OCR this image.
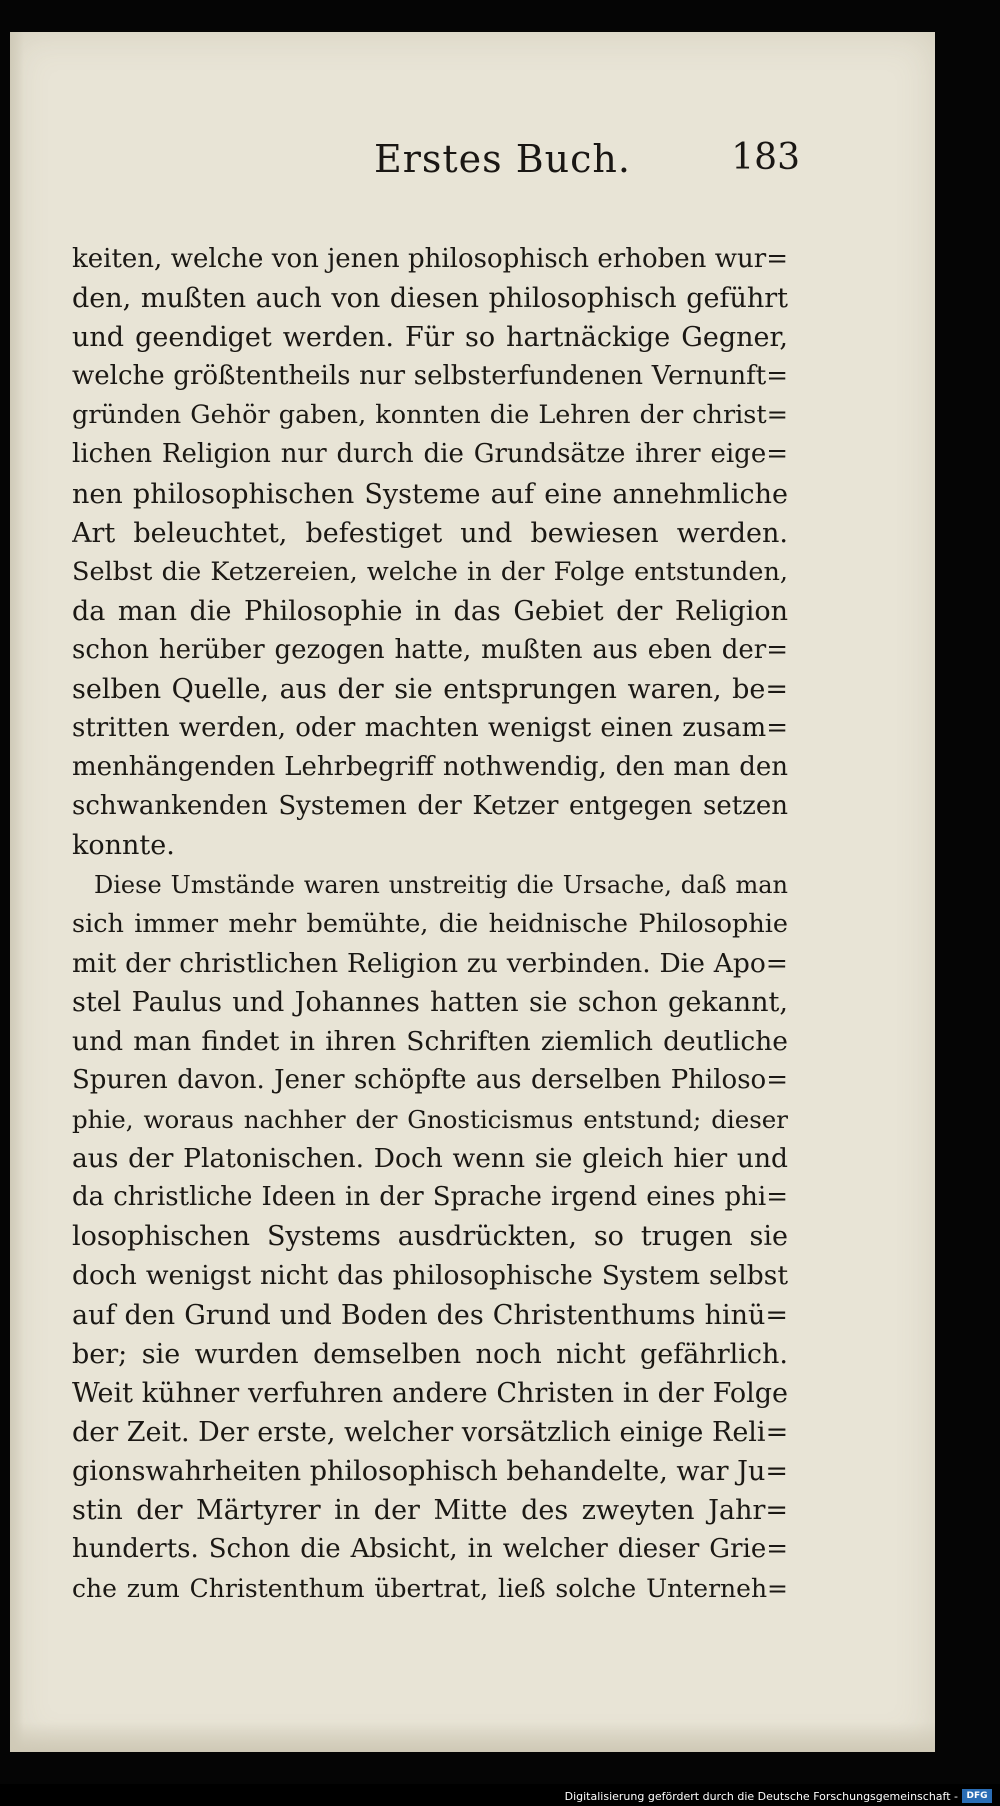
Erstes Buch.	183
keiten, welche von jenen philosophisch erhoben wur=
den, mußten auch von diesen philosophisch geführt
und geendiget werden. Für so hartnäckige Gegner,
welche größtentheils nur selbsterfundenen Vernunft=
gründen Gehör gaben, konnten die Lehren der christ=
lichen Religion nur durch die Grundsätze ihrer eige=
nen philosophischen Systeme auf eine annehmliche
Art beleuchtet, befestiget und bewiesen werden.
Selbst die Ketzereien, welche in der Folge entstunden,
da man die Philosophie in das Gebiet der Religion
schon herüber gezogen hatte, mußten aus eben der=
selben Quelle, aus der sie entsprungen waren, be=
stritten werden, oder machten wenigst einen zusam=
menhängenden Lehrbegriff nothwendig, den man den
schwankenden Systemen der Ketzer entgegen setzen
konnte.
Diese Umstände waren unstreitig die Ursache, daß man
sich immer mehr bemühte, die heidnische Philosophie
mit der christlichen Religion zu verbinden. Die Apo=
stel Paulus und Johannes hatten sie schon gekannt,
und man findet in ihren Schriften ziemlich deutliche
Spuren davon. Jener schöpfte aus derselben Philoso=
phie, woraus nachher der Gnosticismus entstund; dieser
aus der Platonischen. Doch wenn sie gleich hier und
da christliche Ideen in der Sprache irgend eines phi=
losophischen Systems ausdrückten, so trugen sie
doch wenigst nicht das philosophische System selbst
auf den Grund und Boden des Christenthums hinü=
ber; sie wurden demselben noch nicht gefährlich.
Weit kühner verfuhren andere Christen in der Folge
der Zeit. Der erste, welcher vorsätzlich einige Reli=
gionswahrheiten philosophisch behandelte, war Ju=
stin der Märtyrer in der Mitte des zweyten Jahr=
hunderts. Schon die Absicht, in welcher dieser Grie=
che zum Christenthum übertrat, ließ solche Unterneh=
Digitalisierung gefördert durch die Deutsche Forschungsgemeinschaft - DFG
